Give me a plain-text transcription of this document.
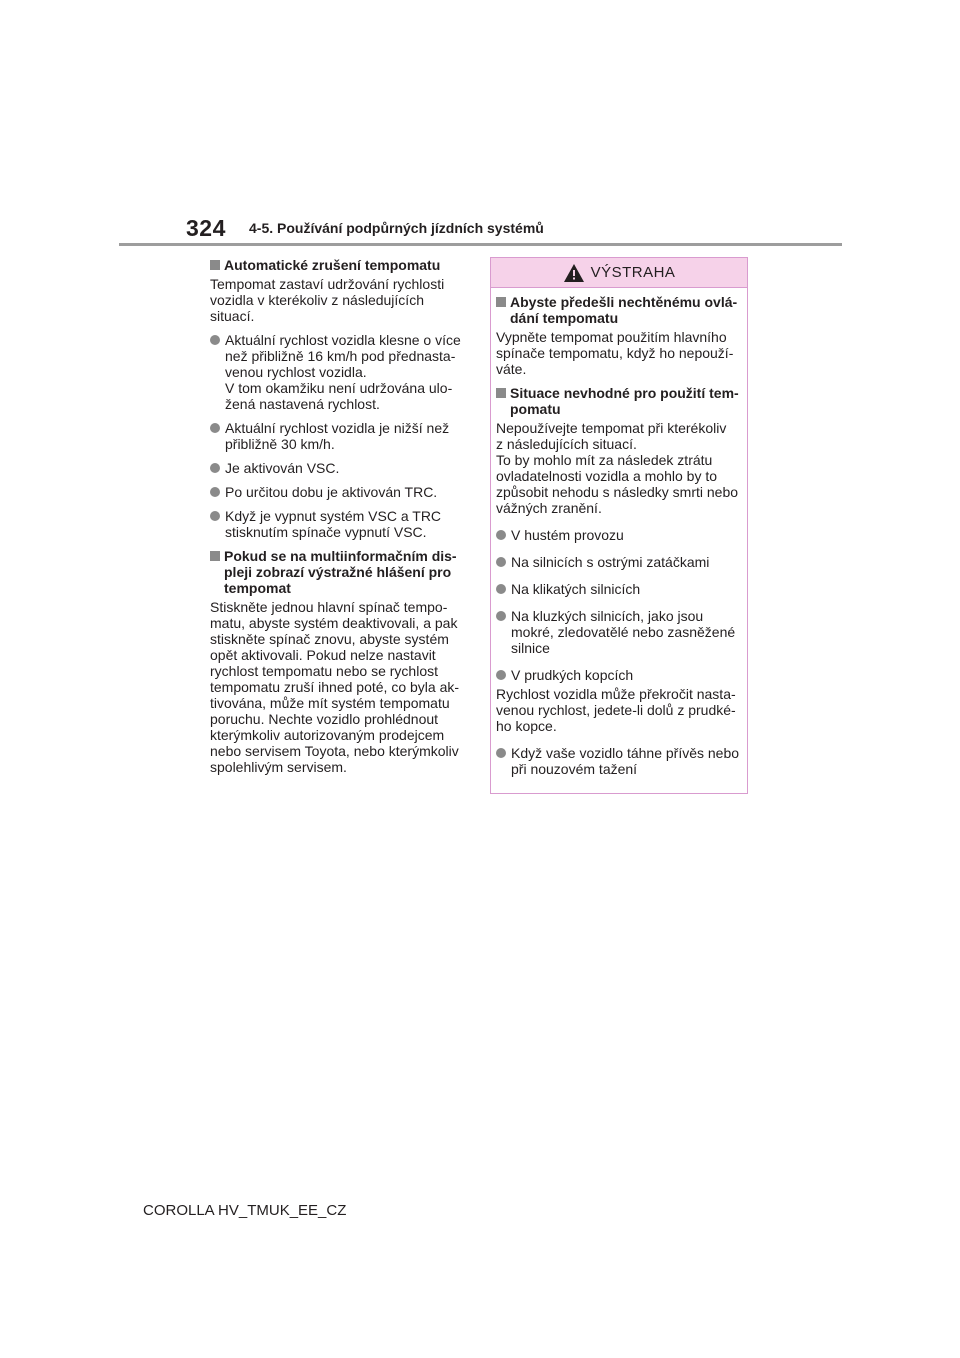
324 4-5. Používání podpůrných jízdních systémů
Automatické zrušení tempomatu
Tempomat zastaví udržování rychlosti
vozidla v kterékoliv z následujících
situací.
Aktuální rychlost vozidla klesne o více
než přibližně 16 km/h pod přednasta-
venou rychlost vozidla.
V tom okamžiku není udržována ulo-
žená nastavená rychlost.
Aktuální rychlost vozidla je nižší než
přibližně 30 km/h.
Je aktivován VSC.
Po určitou dobu je aktivován TRC.
Když je vypnut systém VSC a TRC
stisknutím spínače vypnutí VSC.
Pokud se na multiinformačním dis-
pleji zobrazí výstražné hlášení pro
tempomat
Stiskněte jednou hlavní spínač tempo-
matu, abyste systém deaktivovali, a pak
stiskněte spínač znovu, abyste systém
opět aktivovali. Pokud nelze nastavit
rychlost tempomatu nebo se rychlost
tempomatu zruší ihned poté, co byla ak-
tivována, může mít systém tempomatu
poruchu. Nechte vozidlo prohlédnout
kterýmkoliv autorizovaným prodejcem
nebo servisem Toyota, nebo kterýmkoliv
spolehlivým servisem.
VÝSTRAHA
Abyste předešli nechtěnému ovlá-
dání tempomatu
Vypněte tempomat použitím hlavního
spínače tempomatu, když ho nepouží-
váte.
Situace nevhodné pro použití tem-
pomatu
Nepoužívejte tempomat při kterékoliv
z následujících situací.
To by mohlo mít za následek ztrátu
ovladatelnosti vozidla a mohlo by to
způsobit nehodu s následky smrti nebo
vážných zranění.
V hustém provozu
Na silnicích s ostrými zatáčkami
Na klikatých silnicích
Na kluzkých silnicích, jako jsou
mokré, zledovatělé nebo zasněžené
silnice
V prudkých kopcích
Rychlost vozidla může překročit nasta-
venou rychlost, jedete-li dolů z prudké-
ho kopce.
Když vaše vozidlo táhne přívěs nebo
při nouzovém tažení
COROLLA HV_TMUK_EE_CZ
